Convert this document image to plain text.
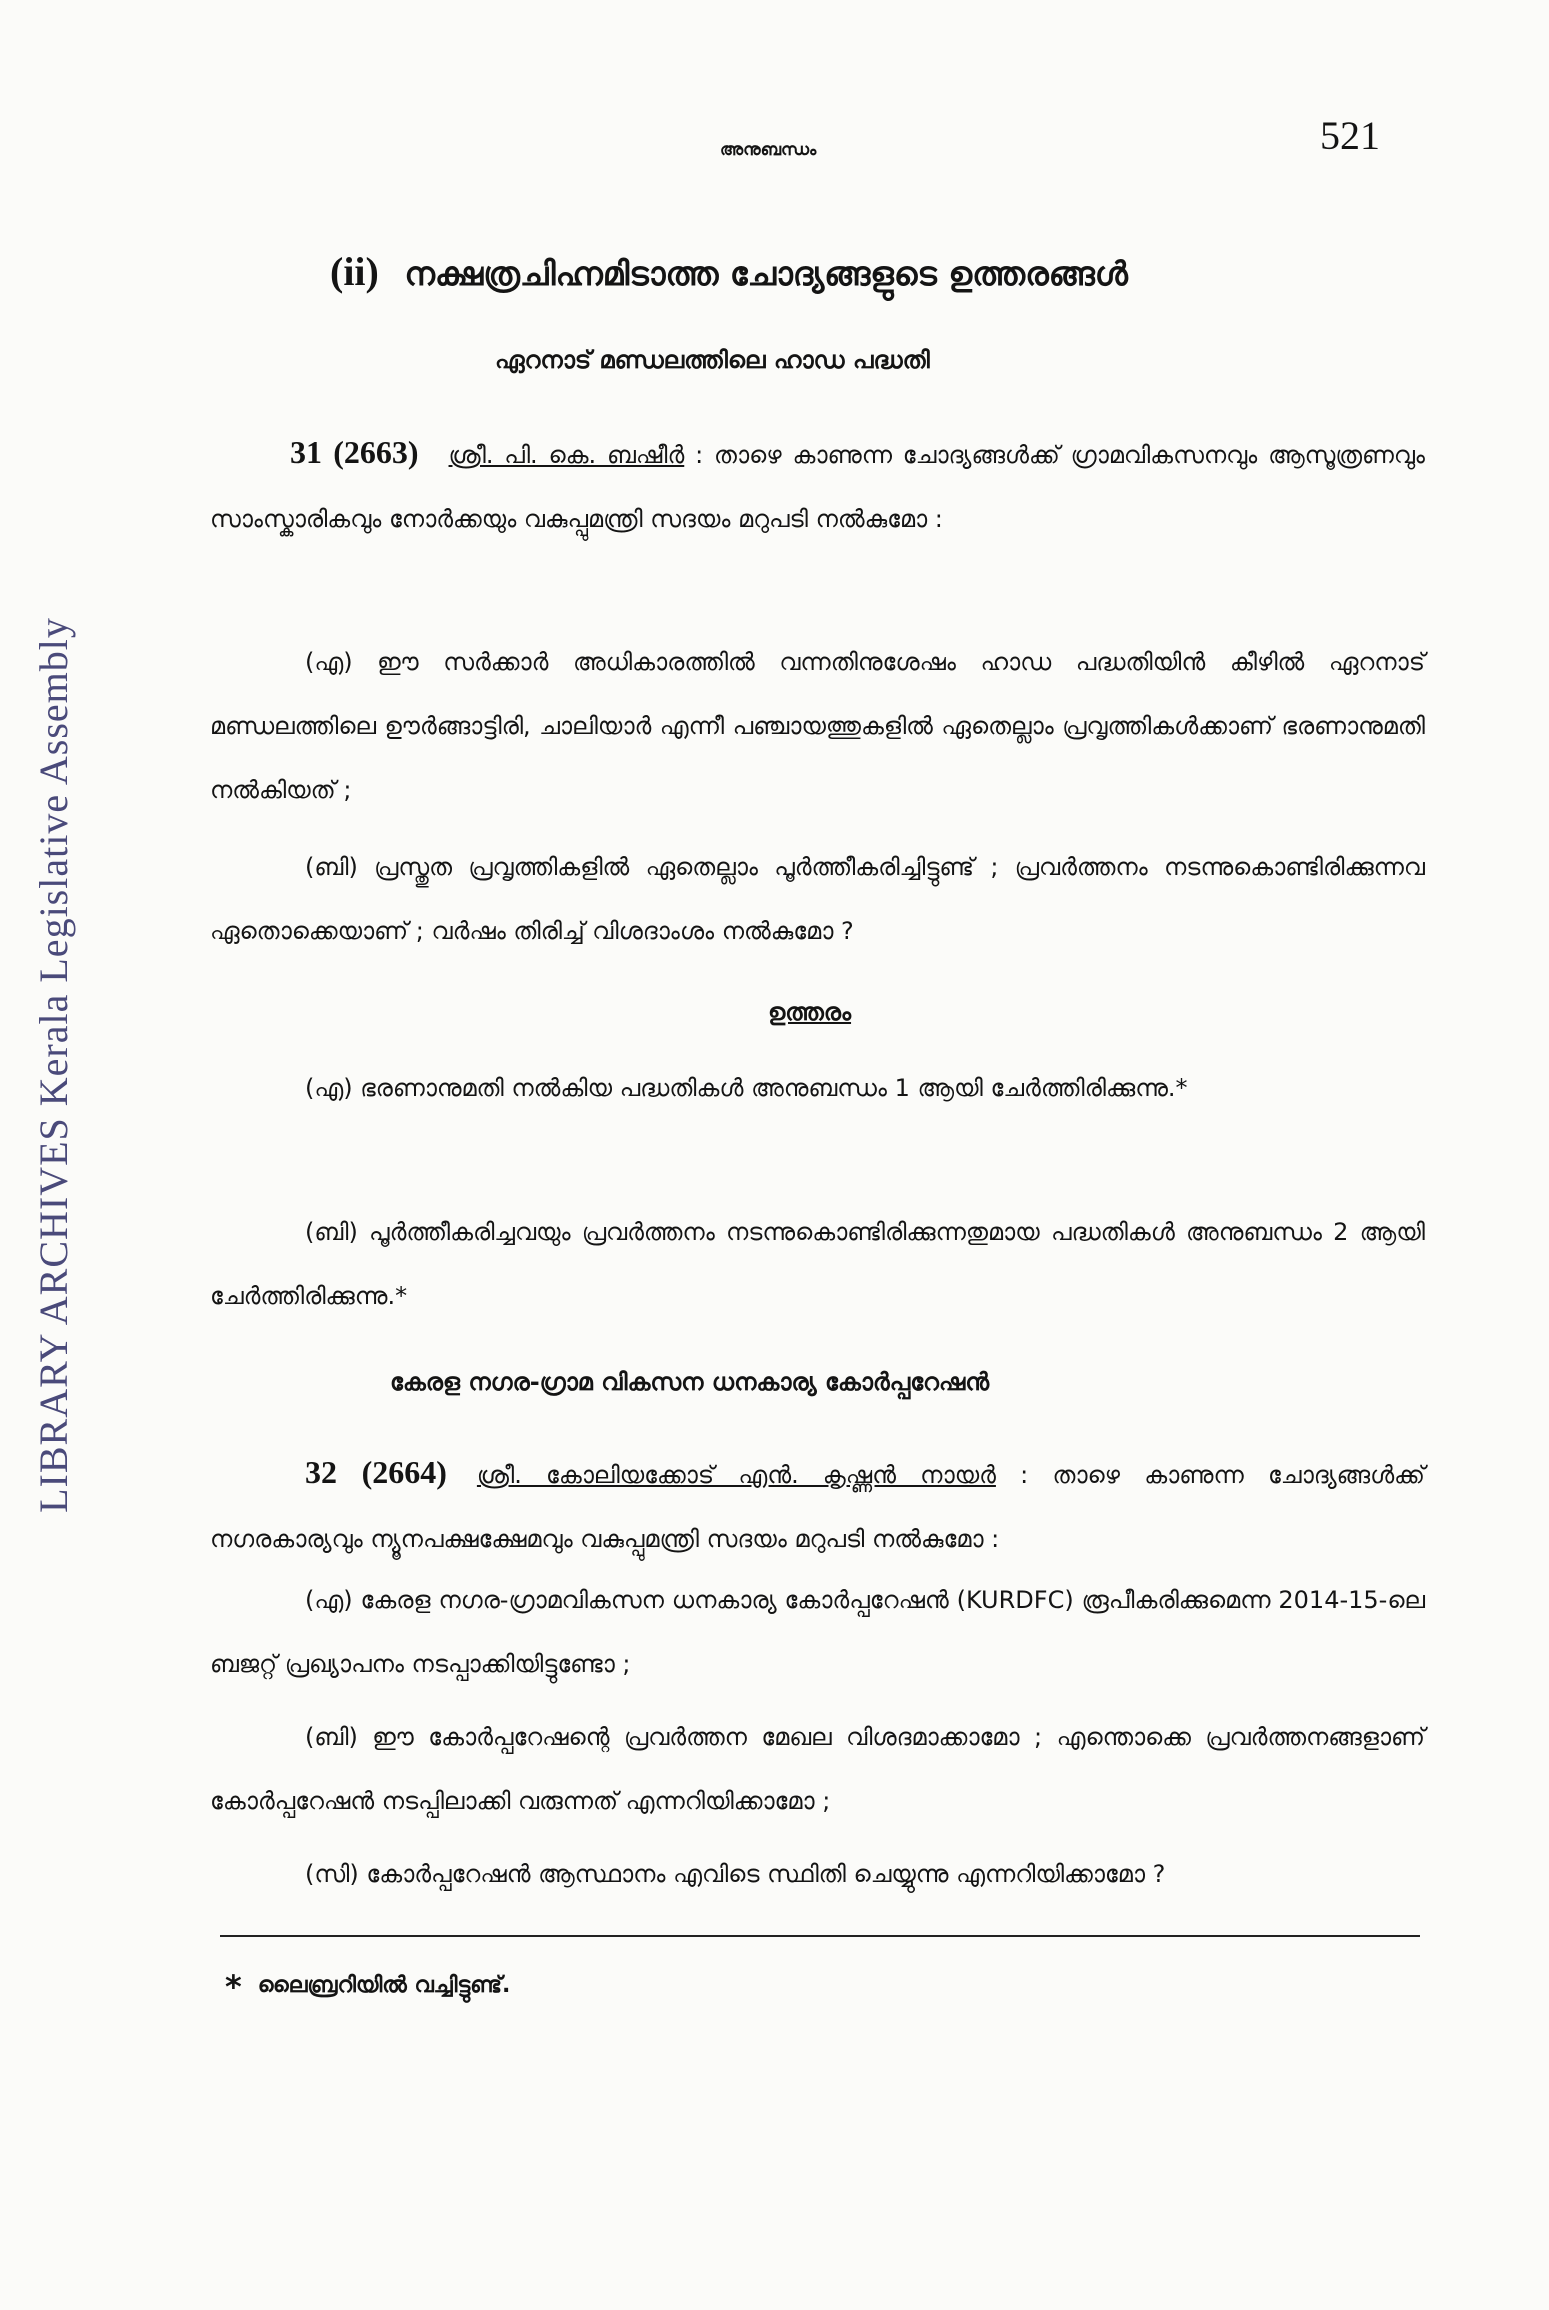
LIBRARY ARCHIVES Kerala Legislative Assembly
അനുബന്ധം	521
(ii) നക്ഷത്രചിഹ്നമിടാത്ത ചോദ്യങ്ങളുടെ ഉത്തരങ്ങൾ
ഏറനാട് മണ്ഡലത്തിലെ ഹാഡ പദ്ധതി
31 (2663) ശ്രീ. പി. കെ. ബഷീർ : താഴെ കാണുന്ന ചോദ്യങ്ങൾക്ക് ഗ്രാമവികസനവും ആസൂത്രണവും സാംസ്കാരികവും നോർക്കയും വകുപ്പുമന്ത്രി സദയം മറുപടി നൽകുമോ :
(എ) ഈ സർക്കാർ അധികാരത്തിൽ വന്നതിനുശേഷം ഹാഡ പദ്ധതിയിൻ കീഴിൽ ഏറനാട് മണ്ഡലത്തിലെ ഊർങ്ങാട്ടിരി, ചാലിയാർ എന്നീ പഞ്ചായത്തുകളിൽ ഏതെല്ലാം പ്രവൃത്തികൾക്കാണ് ഭരണാനുമതി നൽകിയത് ;
(ബി) പ്രസ്തുത പ്രവൃത്തികളിൽ ഏതെല്ലാം പൂർത്തീകരിച്ചിട്ടുണ്ട് ; പ്രവർത്തനം നടന്നുകൊണ്ടിരിക്കുന്നവ ഏതൊക്കെയാണ് ; വർഷം തിരിച്ച് വിശദാംശം നൽകുമോ ?
ഉത്തരം
(എ) ഭരണാനുമതി നൽകിയ പദ്ധതികൾ അനുബന്ധം 1 ആയി ചേർത്തിരിക്കുന്നു.*
(ബി) പൂർത്തീകരിച്ചവയും പ്രവർത്തനം നടന്നുകൊണ്ടിരിക്കുന്നതുമായ പദ്ധതികൾ അനുബന്ധം 2 ആയി ചേർത്തിരിക്കുന്നു.*
കേരള നഗര-ഗ്രാമ വികസന ധനകാര്യ കോർപ്പറേഷൻ
32 (2664) ശ്രീ. കോലിയക്കോട് എൻ. കൃഷ്ണൻ നായർ : താഴെ കാണുന്ന ചോദ്യങ്ങൾക്ക് നഗരകാര്യവും ന്യൂനപക്ഷക്ഷേമവും വകുപ്പുമന്ത്രി സദയം മറുപടി നൽകുമോ :
(എ) കേരള നഗര-ഗ്രാമവികസന ധനകാര്യ കോർപ്പറേഷൻ (KURDFC) രൂപീകരിക്കുമെന്ന 2014-15-ലെ ബജറ്റ് പ്രഖ്യാപനം നടപ്പാക്കിയിട്ടുണ്ടോ ;
(ബി) ഈ കോർപ്പറേഷന്റെ പ്രവർത്തന മേഖല വിശദമാക്കാമോ ; എന്തൊക്കെ പ്രവർത്തനങ്ങളാണ് കോർപ്പറേഷൻ നടപ്പിലാക്കി വരുന്നത് എന്നറിയിക്കാമോ ;
(സി) കോർപ്പറേഷൻ ആസ്ഥാനം എവിടെ സ്ഥിതി ചെയ്യുന്നു എന്നറിയിക്കാമോ ?
* ലൈബ്രറിയിൽ വച്ചിട്ടുണ്ട്.
